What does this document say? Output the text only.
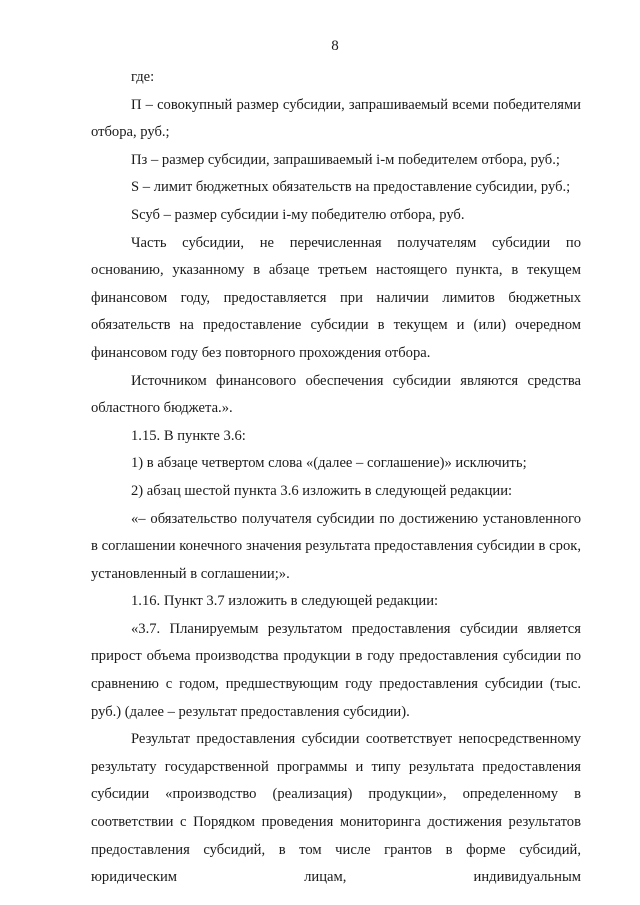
8

где:

П – совокупный размер субсидии, запрашиваемый всеми победителями отбора, руб.;

Пз – размер субсидии, запрашиваемый i-м победителем отбора, руб.;

S – лимит бюджетных обязательств на предоставление субсидии, руб.;

Sсуб – размер субсидии i-му победителю отбора, руб.

Часть субсидии, не перечисленная получателям субсидии по основанию, указанному в абзаце третьем настоящего пункта, в текущем финансовом году, предоставляется при наличии лимитов бюджетных обязательств на предоставление субсидии в текущем и (или) очередном финансовом году без повторного прохождения отбора.

Источником финансового обеспечения субсидии являются средства областного бюджета.».

1.15. В пункте 3.6:

1) в абзаце четвертом слова «(далее – соглашение)» исключить;

2) абзац шестой пункта 3.6 изложить в следующей редакции:

«– обязательство получателя субсидии по достижению установленного в соглашении конечного значения результата предоставления субсидии в срок, установленный в соглашении;».

1.16. Пункт 3.7 изложить в следующей редакции:

«3.7. Планируемым результатом предоставления субсидии является прирост объема производства продукции в году предоставления субсидии по сравнению с годом, предшествующим году предоставления субсидии (тыс. руб.) (далее – результат предоставления субсидии).

Результат предоставления субсидии соответствует непосредственному результату государственной программы и типу результата предоставления субсидии «производство (реализация) продукции», определенному в соответствии с Порядком проведения мониторинга достижения результатов предоставления субсидий, в том числе грантов в форме субсидий, юридическим лицам, индивидуальным
